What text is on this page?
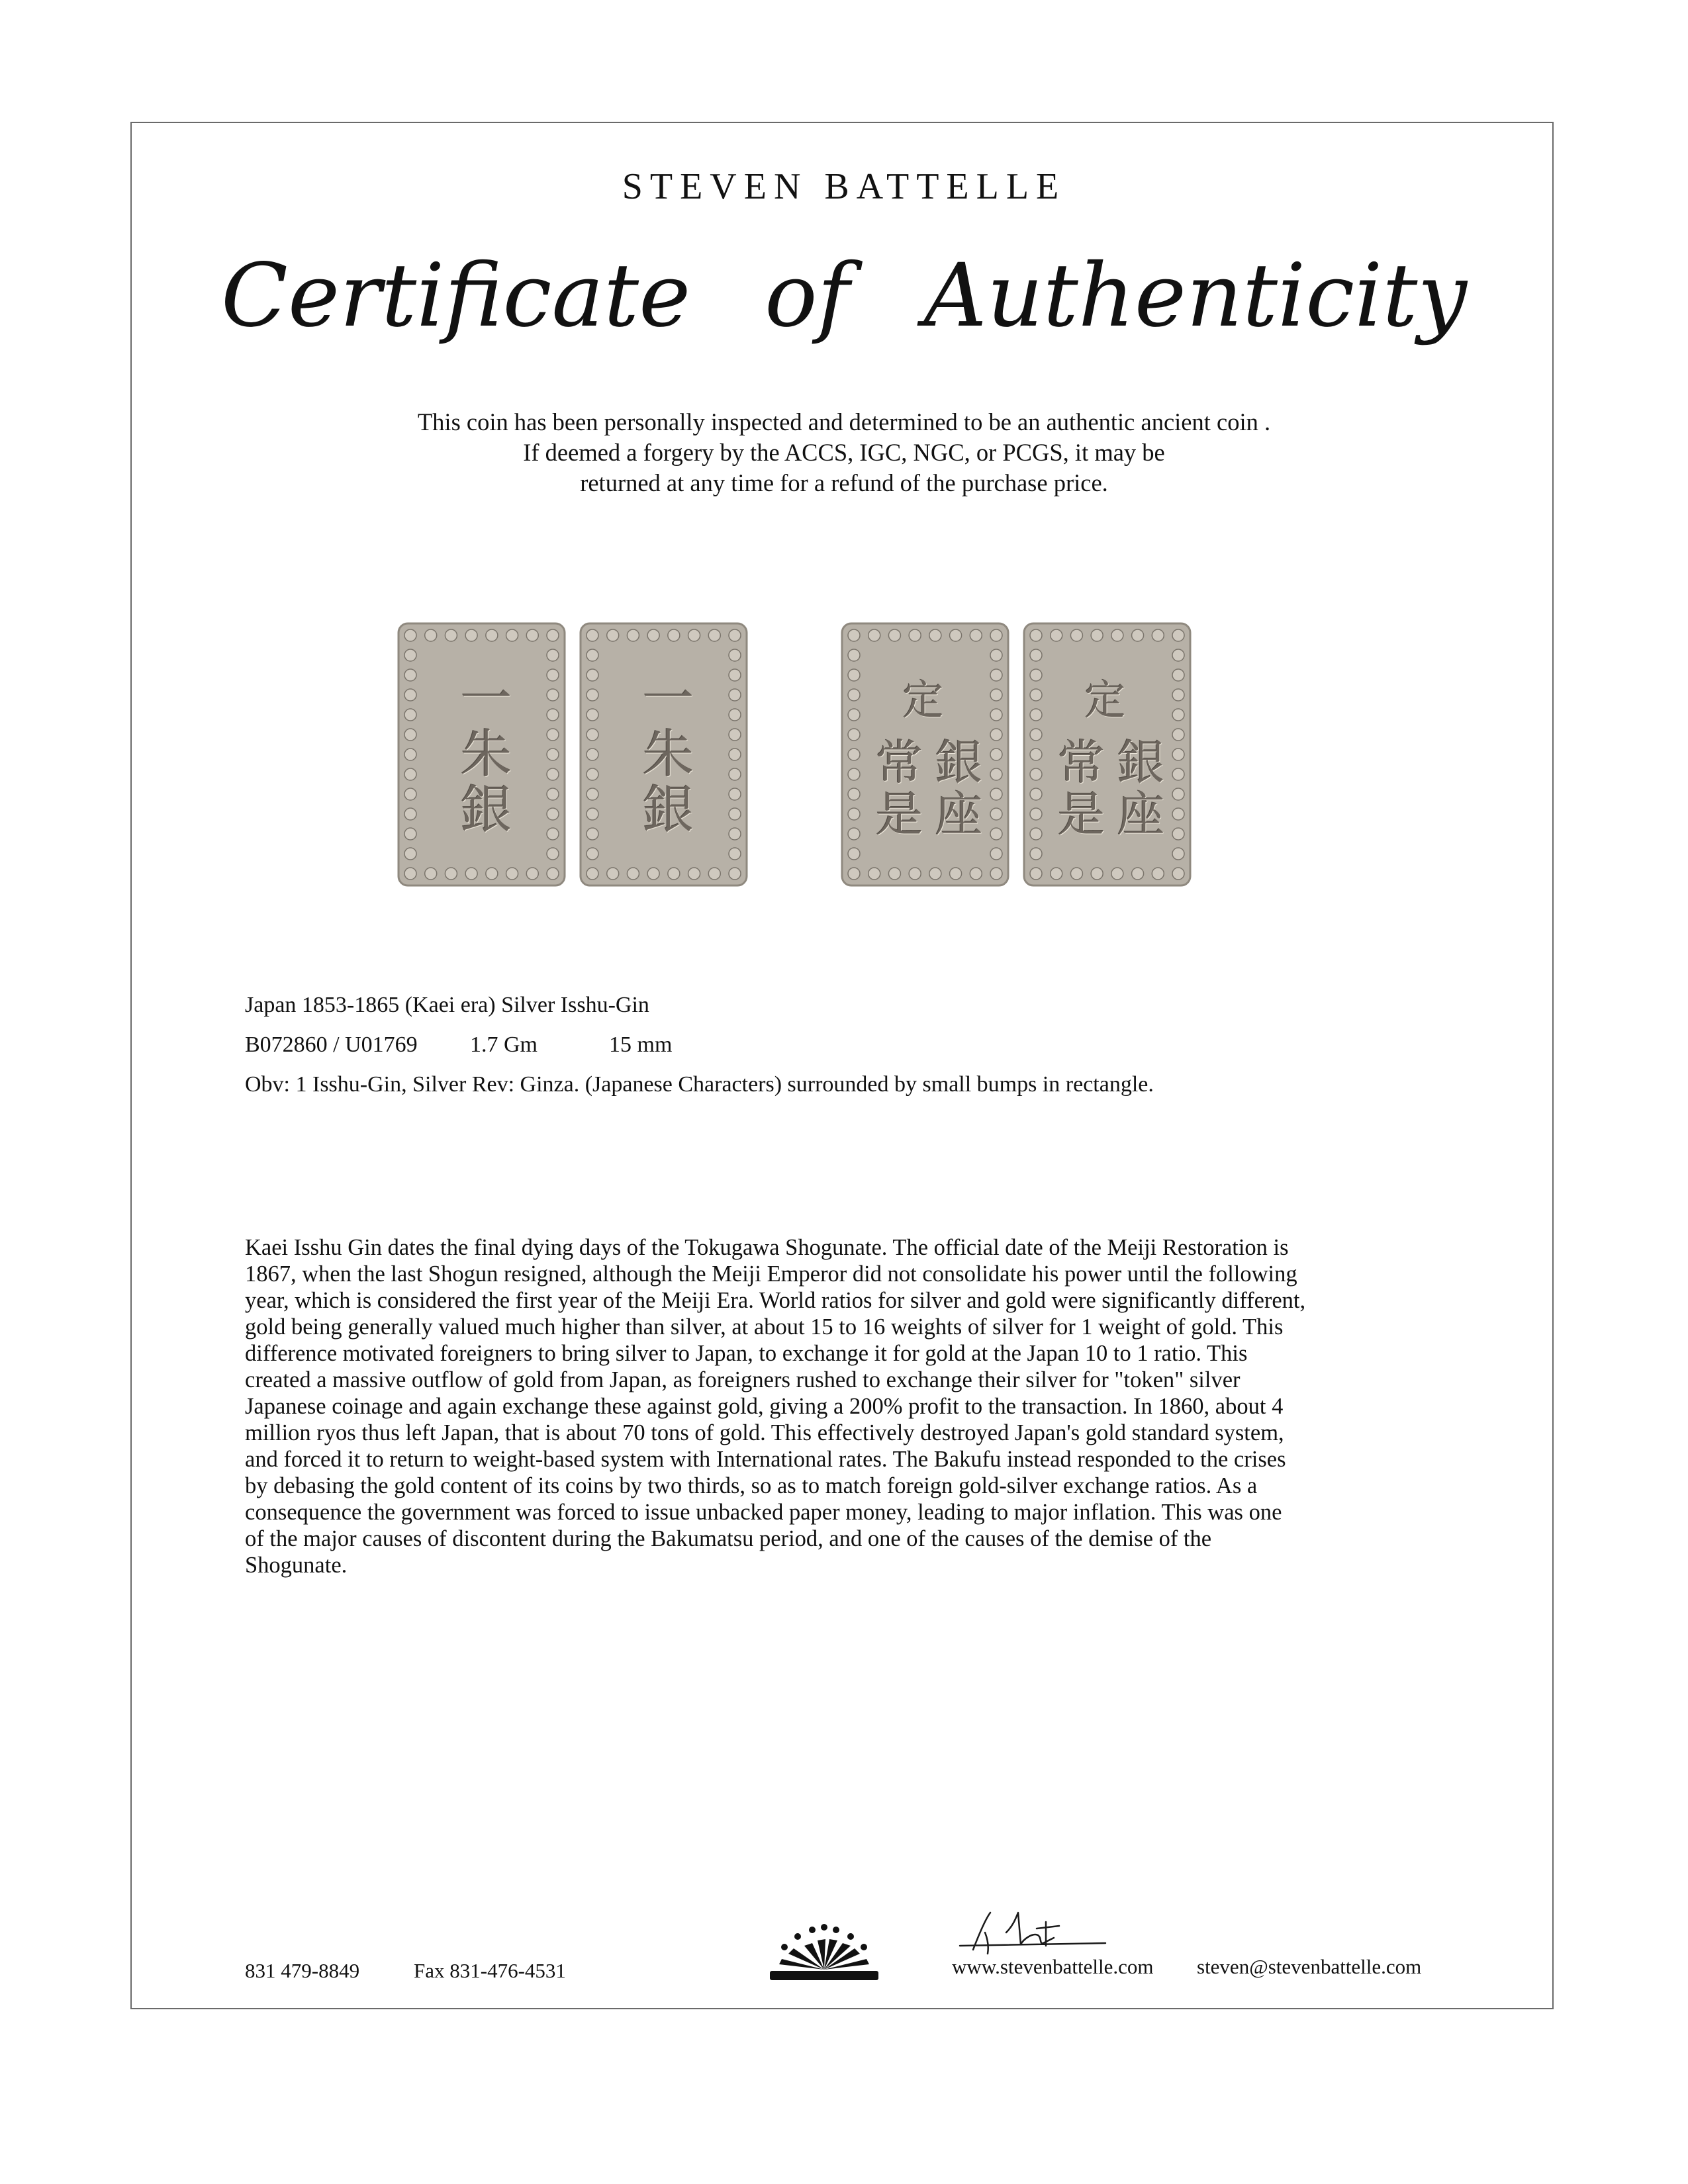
STEVEN BATTELLE
Certificate of Authenticity
This coin has been personally inspected and determined to be an authentic ancient coin .
If deemed a forgery by the ACCS, IGC, NGC, or PCGS, it may be
returned at any time for a refund of the purchase price.
一朱銀	一朱銀	定
銀座
常是
定
銀座
常是
Japan 1853-1865 (Kaei era) Silver Isshu-Gin
B072860 / U01769 1.7 Gm	15 mm
Obv: 1 Isshu-Gin, Silver Rev: Ginza. (Japanese Characters) surrounded by small bumps in rectangle.
Kaei Isshu Gin dates the final dying days of the Tokugawa Shogunate. The official date of the Meiji Restoration is
1867, when the last Shogun resigned, although the Meiji Emperor did not consolidate his power until the following
year, which is considered the first year of the Meiji Era. World ratios for silver and gold were significantly different,
gold being generally valued much higher than silver, at about 15 to 16 weights of silver for 1 weight of gold. This
difference motivated foreigners to bring silver to Japan, to exchange it for gold at the Japan 10 to 1 ratio. This
created a massive outflow of gold from Japan, as foreigners rushed to exchange their silver for "token" silver
Japanese coinage and again exchange these against gold, giving a 200% profit to the transaction. In 1860, about 4
million ryos thus left Japan, that is about 70 tons of gold. This effectively destroyed Japan's gold standard system,
and forced it to return to weight-based system with International rates. The Bakufu instead responded to the crises
by debasing the gold content of its coins by two thirds, so as to match foreign gold-silver exchange ratios. As a
consequence the government was forced to issue unbacked paper money, leading to major inflation. This was one
of the major causes of discontent during the Bakumatsu period, and one of the causes of the demise of the
Shogunate.
831 479-8849	Fax 831-476-4531	www.stevenbattelle.com steven@stevenbattelle.com
